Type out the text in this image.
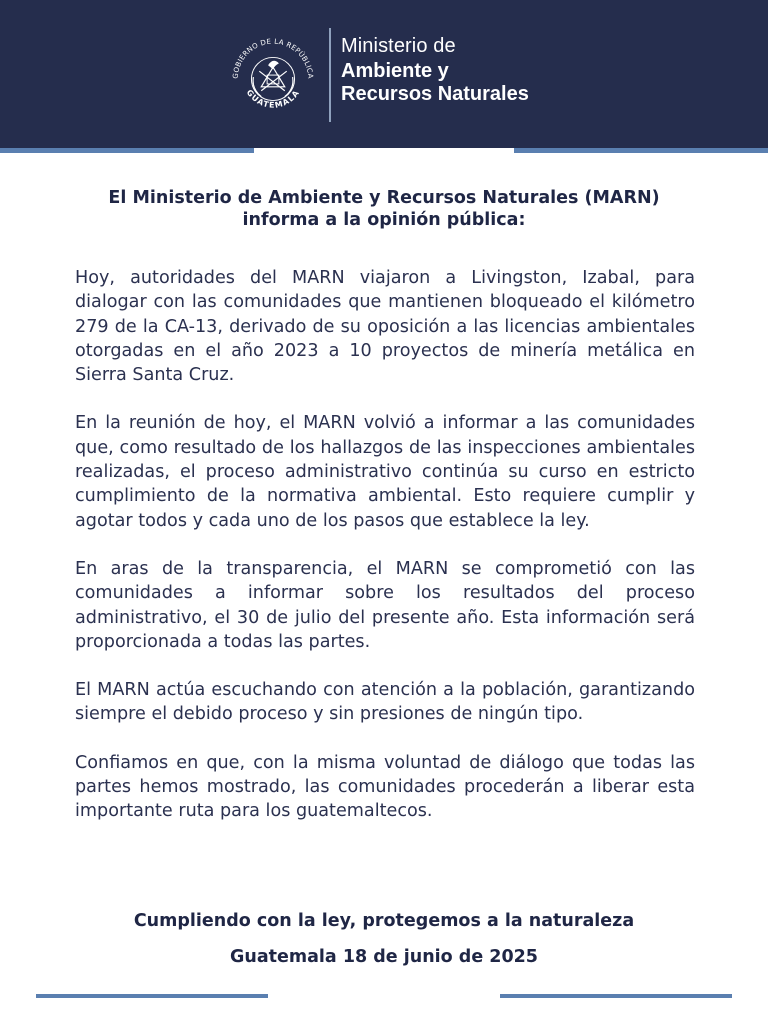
GOBIERNO DE LA REPÚBLICA
GUATEMALA
Ministerio de
Ambiente y
Recursos Naturales
El Ministerio de Ambiente y Recursos Naturales (MARN)
informa a la opinión pública:

Hoy, autoridades del MARN viajaron a Livingston, Izabal, para dialogar con las comunidades que mantienen bloqueado el kilómetro 279 de la CA-13, derivado de su oposición a las licencias ambientales otorgadas en el año 2023 a 10 proyectos de minería metálica en Sierra Santa Cruz.

En la reunión de hoy, el MARN volvió a informar a las comunidades que, como resultado de los hallazgos de las inspecciones ambientales realizadas, el proceso administrativo continúa su curso en estricto cumplimiento de la normativa ambiental. Esto requiere cumplir y agotar todos y cada uno de los pasos que establece la ley.

En aras de la transparencia, el MARN se comprometió con las comunidades a informar sobre los resultados del proceso administrativo, el 30 de julio del presente año. Esta información será proporcionada a todas las partes.

El MARN actúa escuchando con atención a la población, garantizando siempre el debido proceso y sin presiones de ningún tipo.

Confiamos en que, con la misma voluntad de diálogo que todas las partes hemos mostrado, las comunidades procederán a liberar esta importante ruta para los guatemaltecos.

Cumpliendo con la ley, protegemos a la naturaleza
Guatemala 18 de junio de 2025
